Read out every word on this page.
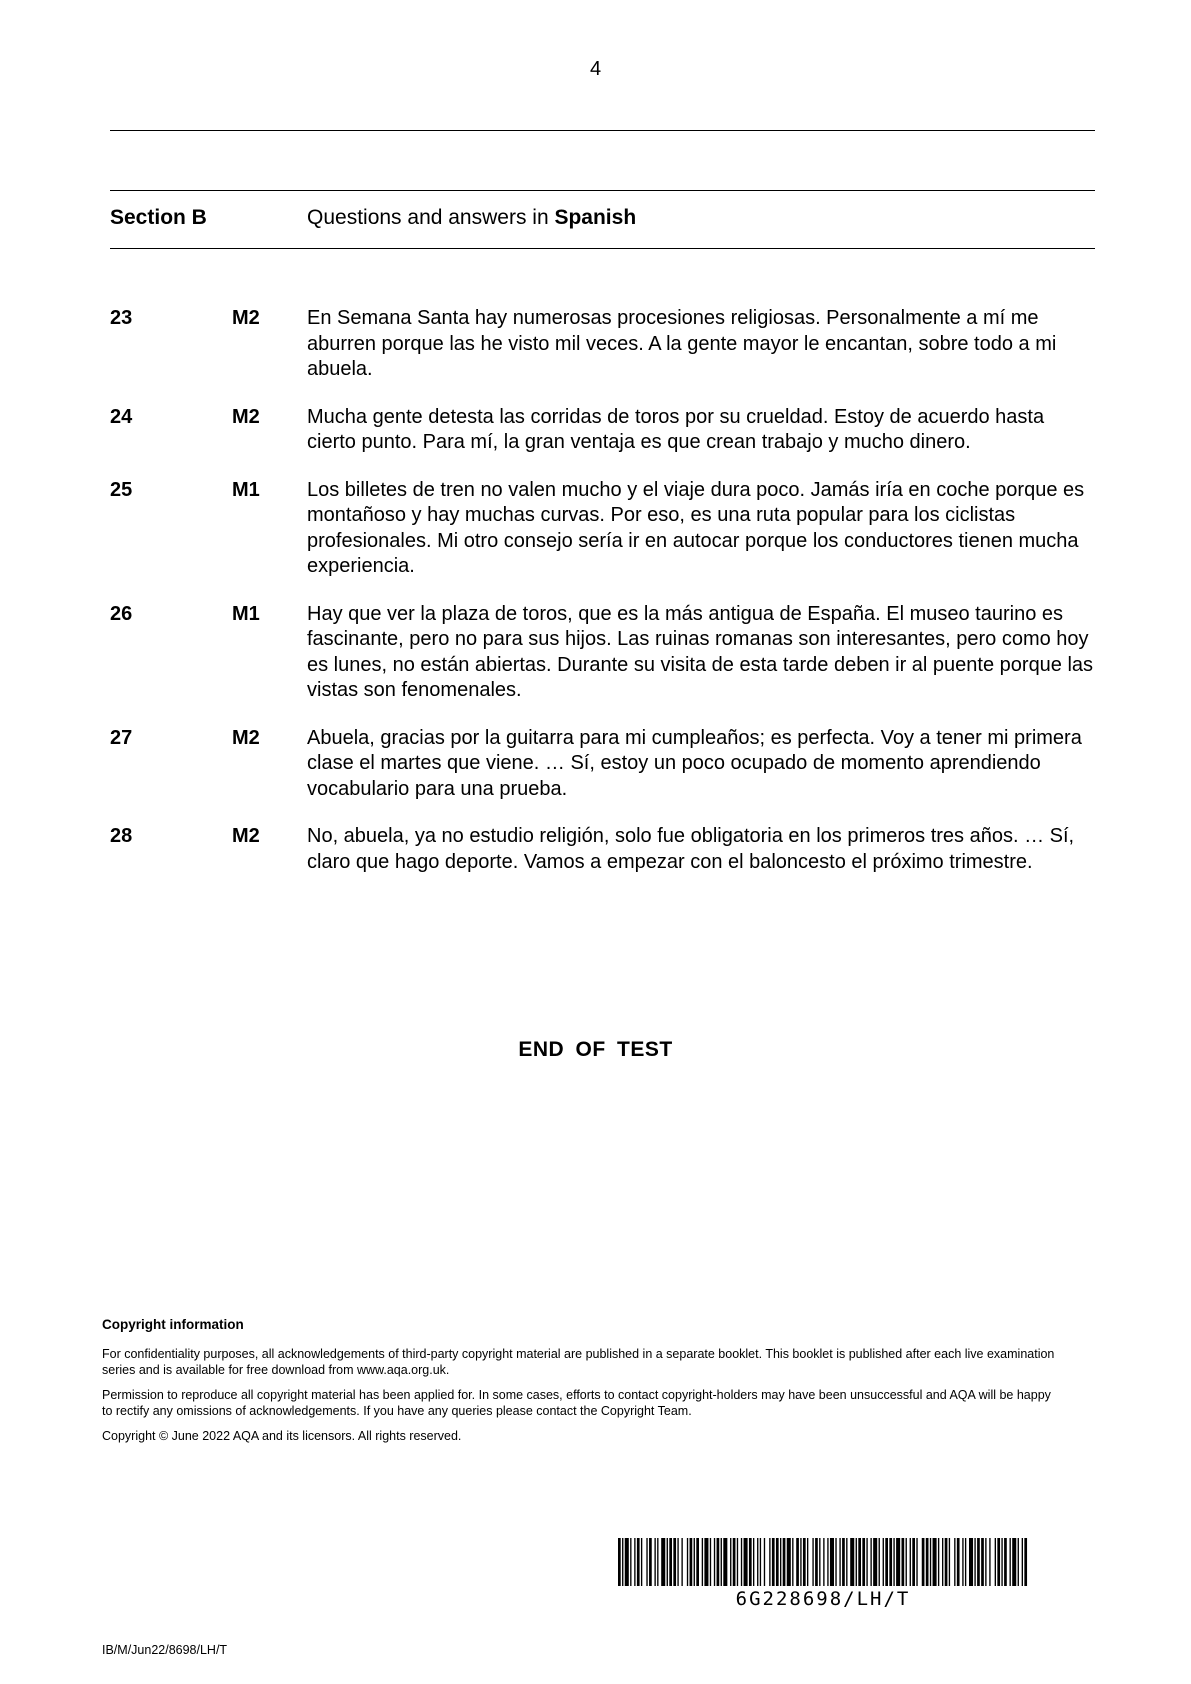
4
Section B	Questions and answers in Spanish
23	M2 En Semana Santa hay numerosas procesiones religiosas. Personalmente a mí me aburren porque las he visto mil veces. A la gente mayor le encantan, sobre todo a mi abuela.
24	M2 Mucha gente detesta las corridas de toros por su crueldad. Estoy de acuerdo hasta cierto punto. Para mí, la gran ventaja es que crean trabajo y mucho dinero.
25	M1 Los billetes de tren no valen mucho y el viaje dura poco. Jamás iría en coche porque es montañoso y hay muchas curvas. Por eso, es una ruta popular para los ciclistas profesionales. Mi otro consejo sería ir en autocar porque los conductores tienen mucha experiencia.
26	M1 Hay que ver la plaza de toros, que es la más antigua de España. El museo taurino es fascinante, pero no para sus hijos. Las ruinas romanas son interesantes, pero como hoy es lunes, no están abiertas. Durante su visita de esta tarde deben ir al puente porque las vistas son fenomenales.
27	M2 Abuela, gracias por la guitarra para mi cumpleaños; es perfecta. Voy a tener mi primera clase el martes que viene. … Sí, estoy un poco ocupado de momento aprendiendo vocabulario para una prueba.
28	M2 No, abuela, ya no estudio religión, solo fue obligatoria en los primeros tres años. … Sí, claro que hago deporte. Vamos a empezar con el baloncesto el próximo trimestre.
END OF TEST
Copyright information

For confidentiality purposes, all acknowledgements of third-party copyright material are published in a separate booklet. This booklet is published after each live examination series and is available for free download from www.aqa.org.uk.

Permission to reproduce all copyright material has been applied for. In some cases, efforts to contact copyright-holders may have been unsuccessful and AQA will be happy to rectify any omissions of acknowledgements. If you have any queries please contact the Copyright Team.

Copyright © June 2022 AQA and its licensors. All rights reserved.

6G228698/LH/T
IB/M/Jun22/8698/LH/T
